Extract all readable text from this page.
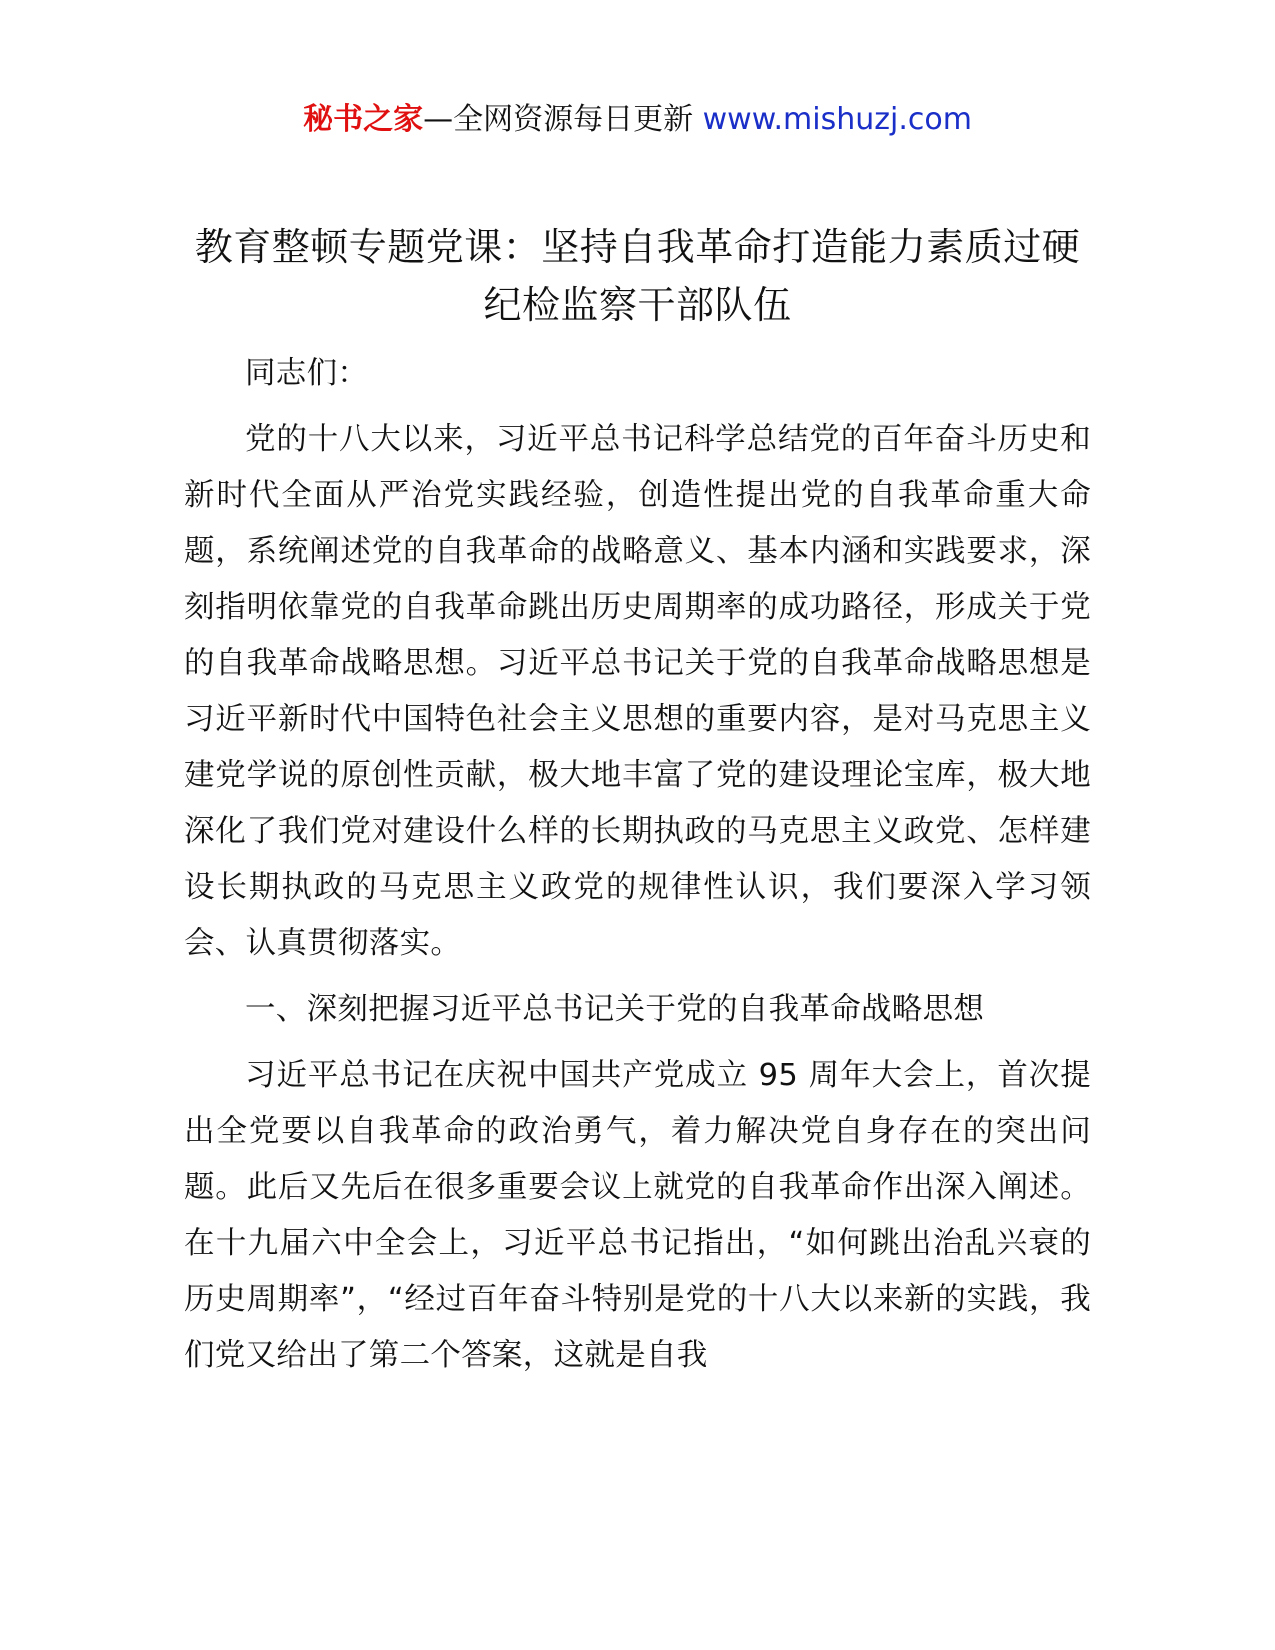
秘书之家—全网资源每日更新 www.mishuzj.com
教育整顿专题党课：坚持自我革命打造能力素质过硬纪检监察干部队伍

同志们：

党的十八大以来，习近平总书记科学总结党的百年奋斗历史和新时代全面从严治党实践经验，创造性提出党的自我革命重大命题，系统阐述党的自我革命的战略意义、基本内涵和实践要求，深刻指明依靠党的自我革命跳出历史周期率的成功路径，形成关于党的自我革命战略思想。习近平总书记关于党的自我革命战略思想是习近平新时代中国特色社会主义思想的重要内容，是对马克思主义建党学说的原创性贡献，极大地丰富了党的建设理论宝库，极大地深化了我们党对建设什么样的长期执政的马克思主义政党、怎样建设长期执政的马克思主义政党的规律性认识，我们要深入学习领会、认真贯彻落实。

一、深刻把握习近平总书记关于党的自我革命战略思想

习近平总书记在庆祝中国共产党成立 95 周年大会上，首次提出全党要以自我革命的政治勇气，着力解决党自身存在的突出问题。此后又先后在很多重要会议上就党的自我革命作出深入阐述。在十九届六中全会上，习近平总书记指出，“如何跳出治乱兴衰的历史周期率”，“经过百年奋斗特别是党的十八大以来新的实践，我们党又给出了第二个答案，这就是自我
